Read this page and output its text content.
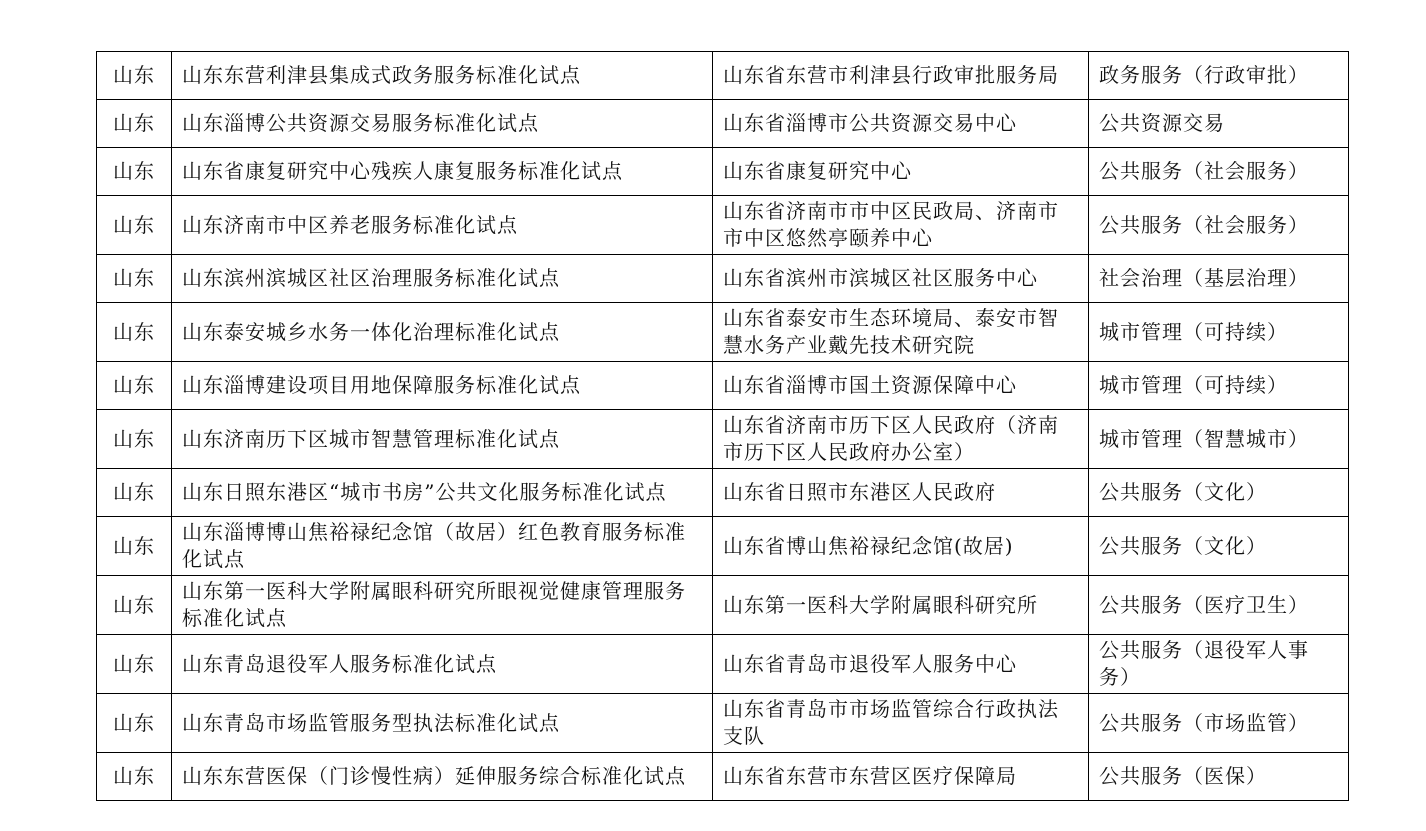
山东	山东东营利津县集成式政务服务标准化试点	山东省东营市利津县行政审批服务局	政务服务（行政审批）
山东	山东淄博公共资源交易服务标准化试点	山东省淄博市公共资源交易中心	公共资源交易
山东	山东省康复研究中心残疾人康复服务标准化试点	山东省康复研究中心	公共服务（社会服务）
山东	山东济南市中区养老服务标准化试点	山东省济南市市中区民政局、济南市市中区悠然亭颐养中心	公共服务（社会服务）
山东	山东滨州滨城区社区治理服务标准化试点	山东省滨州市滨城区社区服务中心	社会治理（基层治理）
山东	山东泰安城乡水务一体化治理标准化试点	山东省泰安市生态环境局、泰安市智慧水务产业戴先技术研究院	城市管理（可持续）
山东	山东淄博建设项目用地保障服务标准化试点	山东省淄博市国土资源保障中心	城市管理（可持续）
山东	山东济南历下区城市智慧管理标准化试点	山东省济南市历下区人民政府（济南市历下区人民政府办公室）	城市管理（智慧城市）
山东	山东日照东港区“城市书房”公共文化服务标准化试点	山东省日照市东港区人民政府	公共服务（文化）
山东	山东淄博博山焦裕禄纪念馆（故居）红色教育服务标准化试点	山东省博山焦裕禄纪念馆(故居)	公共服务（文化）
山东	山东第一医科大学附属眼科研究所眼视觉健康管理服务标准化试点	山东第一医科大学附属眼科研究所	公共服务（医疗卫生）
山东	山东青岛退役军人服务标准化试点	山东省青岛市退役军人服务中心	公共服务（退役军人事务）
山东	山东青岛市场监管服务型执法标准化试点	山东省青岛市市场监管综合行政执法支队	公共服务（市场监管）
山东	山东东营医保（门诊慢性病）延伸服务综合标准化试点	山东省东营市东营区医疗保障局	公共服务（医保）
